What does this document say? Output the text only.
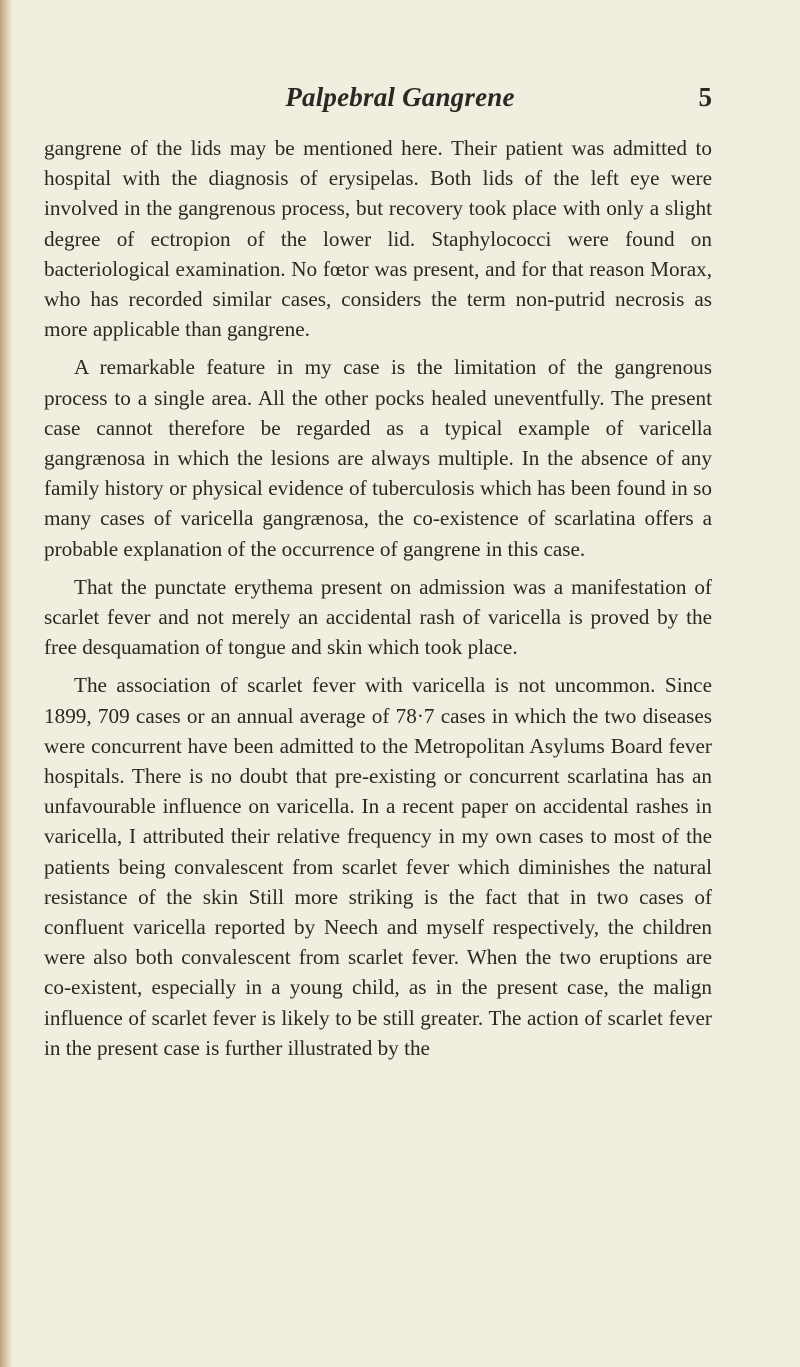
Palpebral Gangrene	5

gangrene of the lids may be mentioned here. Their patient was admitted to hospital with the diagnosis of erysipelas. Both lids of the left eye were involved in the gangrenous process, but recovery took place with only a slight degree of ectropion of the lower lid. Staphylococci were found on bacteriological examination. No fœtor was present, and for that reason Morax, who has recorded similar cases, considers the term non-putrid necrosis as more applicable than gangrene.

A remarkable feature in my case is the limitation of the gangrenous process to a single area. All the other pocks healed uneventfully. The present case cannot therefore be regarded as a typical example of varicella gangrænosa in which the lesions are always multiple. In the absence of any family history or physical evidence of tuberculosis which has been found in so many cases of varicella gangrænosa, the co-existence of scarlatina offers a probable explanation of the occurrence of gangrene in this case.

That the punctate erythema present on admission was a manifestation of scarlet fever and not merely an accidental rash of varicella is proved by the free desquamation of tongue and skin which took place.

The association of scarlet fever with varicella is not uncommon. Since 1899, 709 cases or an annual average of 78·7 cases in which the two diseases were concurrent have been admitted to the Metropolitan Asylums Board fever hospitals. There is no doubt that pre-existing or concurrent scarlatina has an unfavourable influence on varicella. In a recent paper on accidental rashes in varicella, I attributed their relative frequency in my own cases to most of the patients being convalescent from scarlet fever which diminishes the natural resistance of the skin Still more striking is the fact that in two cases of confluent varicella reported by Neech and myself respectively, the children were also both convalescent from scarlet fever. When the two eruptions are co-existent, especially in a young child, as in the present case, the malign influence of scarlet fever is likely to be still greater. The action of scarlet fever in the present case is further illustrated by the
